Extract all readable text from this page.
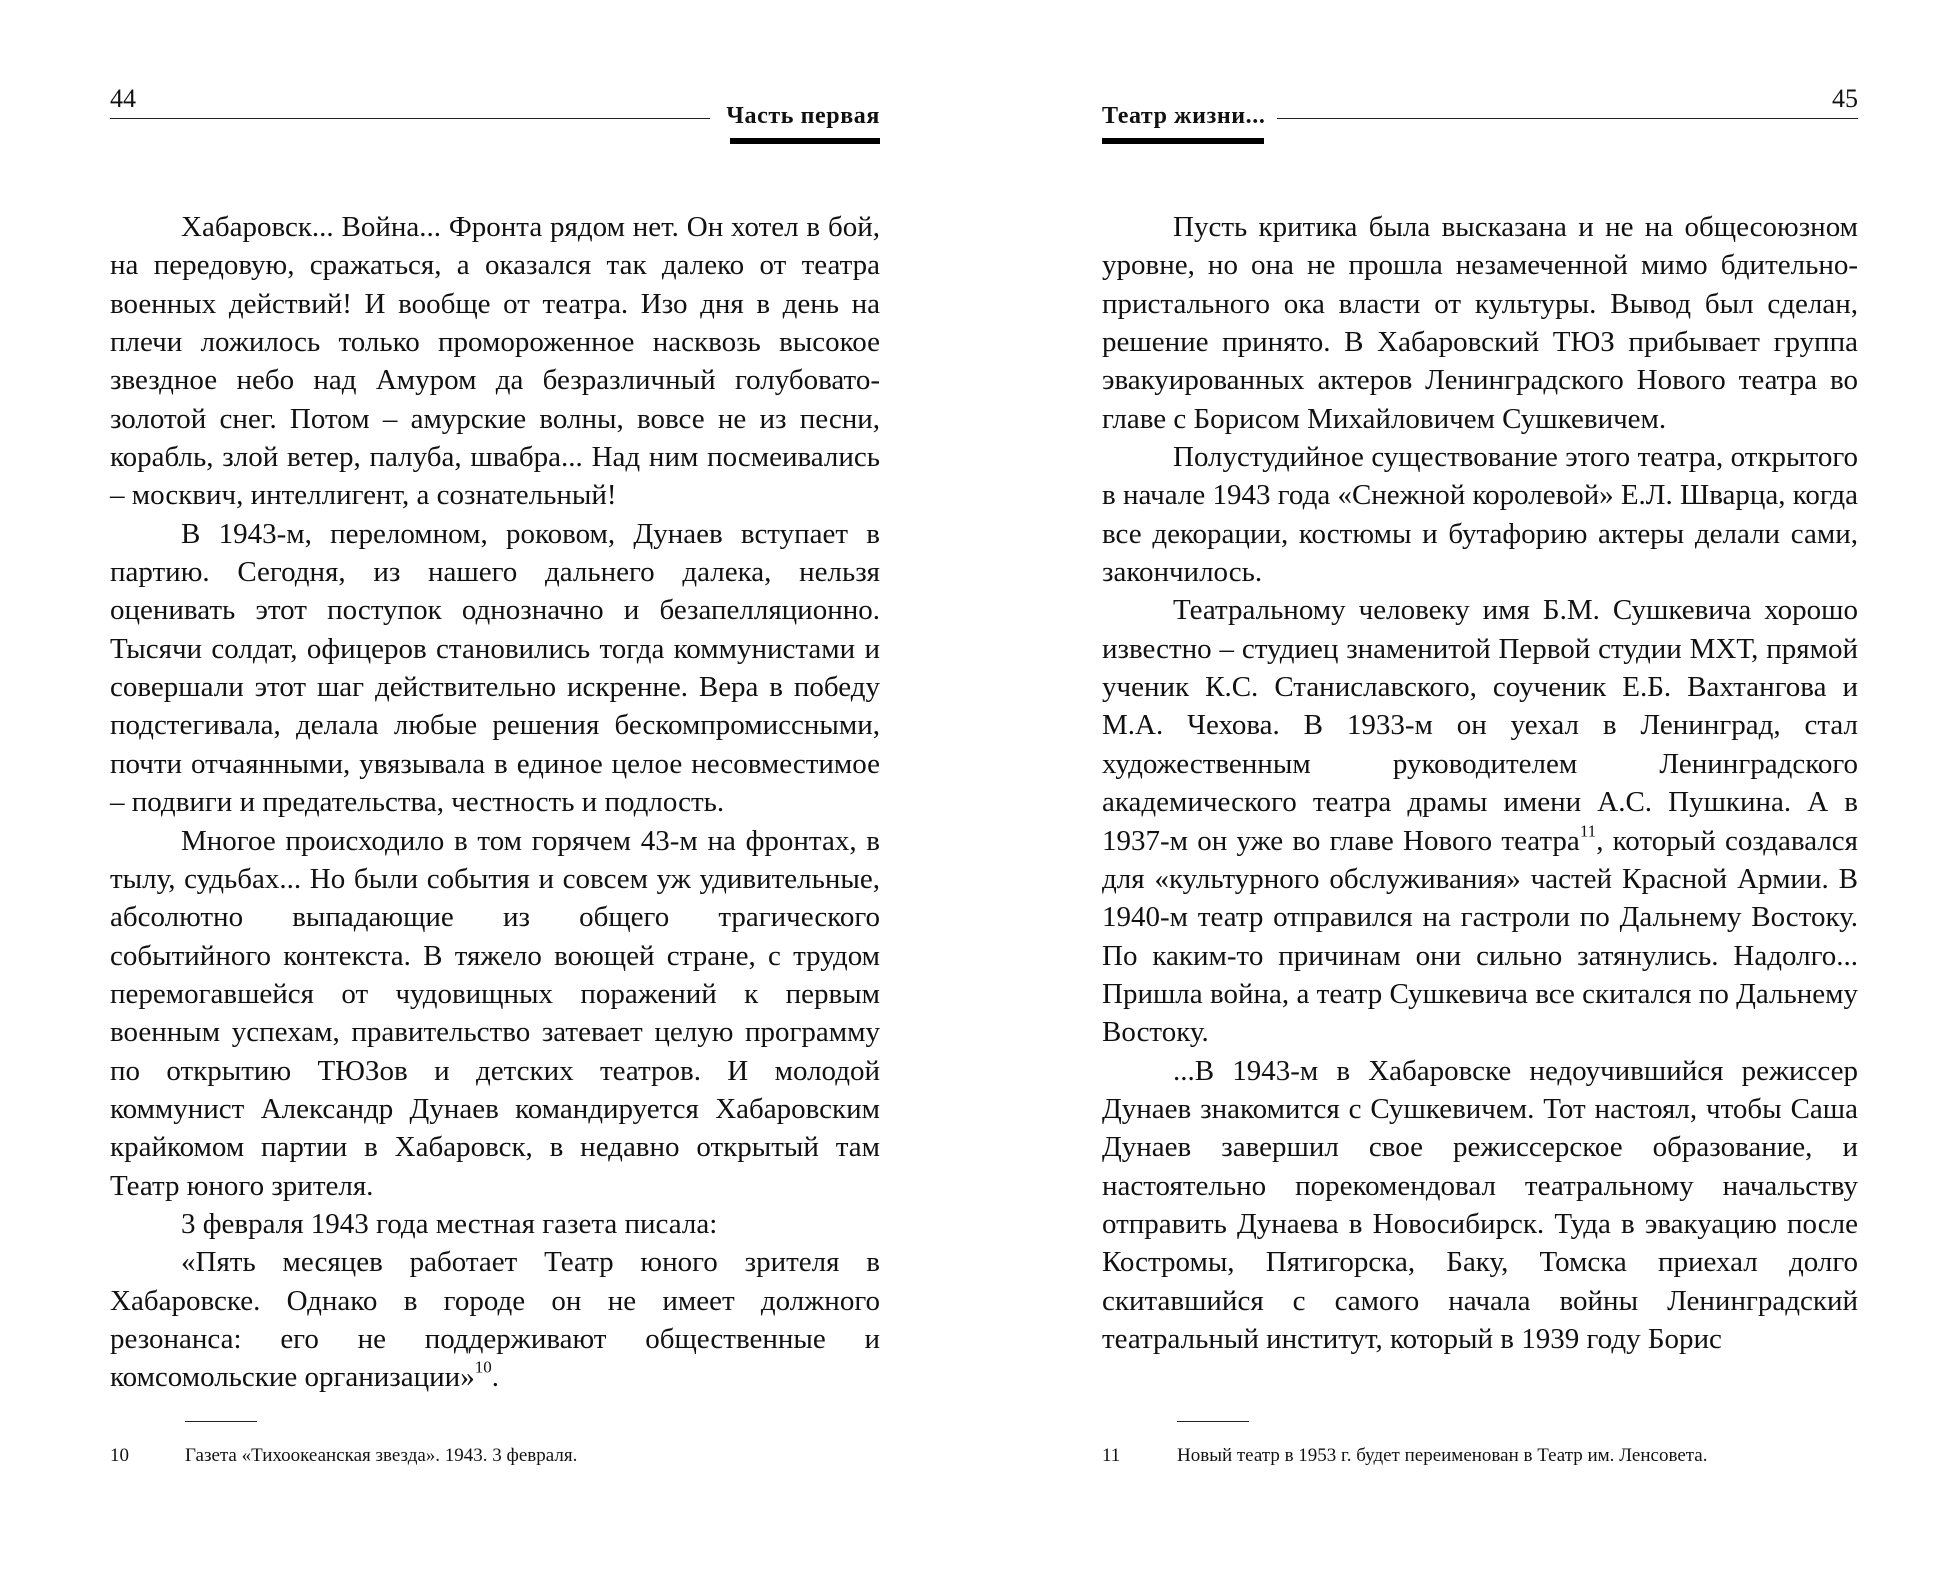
44
Часть первая

Хабаровск... Война... Фронта рядом нет. Он хотел в бой, на передовую, сражаться, а оказался так далеко от театра военных действий! И вообще от театра. Изо дня в день на плечи ложилось только промороженное насквозь высокое звездное небо над Амуром да безразличный голубовато-золотой снег. Потом – амурские волны, вовсе не из песни, корабль, злой ветер, палуба, швабра... Над ним посмеивались – москвич, интеллигент, а сознательный!

В 1943-м, переломном, роковом, Дунаев вступает в партию. Сегодня, из нашего дальнего далека, нельзя оценивать этот поступок однозначно и безапелляционно. Тысячи солдат, офицеров становились тогда коммунистами и совершали этот шаг действительно искренне. Вера в победу подстегивала, делала любые решения бескомпромиссными, почти отчаянными, увязывала в единое целое несовместимое – подвиги и предательства, честность и подлость.

Многое происходило в том горячем 43-м на фронтах, в тылу, судьбах... Но были события и совсем уж удивительные, абсолютно выпадающие из общего трагического событийного контекста. В тяжело воющей стране, с трудом перемогавшейся от чудовищных поражений к первым военным успехам, правительство затевает целую программу по открытию ТЮЗов и детских театров. И молодой коммунист Александр Дунаев командируется Хабаровским крайкомом партии в Хабаровск, в недавно открытый там Театр юного зрителя.

3 февраля 1943 года местная газета писала:

«Пять месяцев работает Театр юного зрителя в Хабаровске. Однако в городе он не имеет должного резонанса: его не поддерживают общественные и комсомольские организации»$^{10}$.

10	Газета «Тихоокеанская звезда». 1943. 3 февраля.
45
Театр жизни...

Пусть критика была высказана и не на общесоюзном уровне, но она не прошла незамеченной мимо бдительно-пристального ока власти от культуры. Вывод был сделан, решение принято. В Хабаровский ТЮЗ прибывает группа эвакуированных актеров Ленинградского Нового театра во главе с Борисом Михайловичем Сушкевичем.

Полустудийное существование этого театра, открытого в начале 1943 года «Снежной королевой» Е.Л. Шварца, когда все декорации, костюмы и бутафорию актеры делали сами, закончилось.

Театральному человеку имя Б.М. Сушкевича хорошо известно – студиец знаменитой Первой студии МХТ, прямой ученик К.С. Станиславского, соученик Е.Б. Вахтангова и М.А. Чехова. В 1933-м он уехал в Ленинград, стал художественным руководителем Ленинградского академического театра драмы имени А.С. Пушкина. А в 1937-м он уже во главе Нового театра$^{11}$, который создавался для «культурного обслуживания» частей Красной Армии. В 1940-м театр отправился на гастроли по Дальнему Востоку. По каким-то причинам они сильно затянулись. Надолго... Пришла война, а театр Сушкевича все скитался по Дальнему Востоку.

...В 1943-м в Хабаровске недоучившийся режиссер Дунаев знакомится с Сушкевичем. Тот настоял, чтобы Саша Дунаев завершил свое режиссерское образование, и настоятельно порекомендовал театральному начальству отправить Дунаева в Новосибирск. Туда в эвакуацию после Костромы, Пятигорска, Баку, Томска приехал долго скитавшийся с самого начала войны Ленинградский театральный институт, который в 1939 году Борис

11	Новый театр в 1953 г. будет переименован в Театр им. Ленсовета.
